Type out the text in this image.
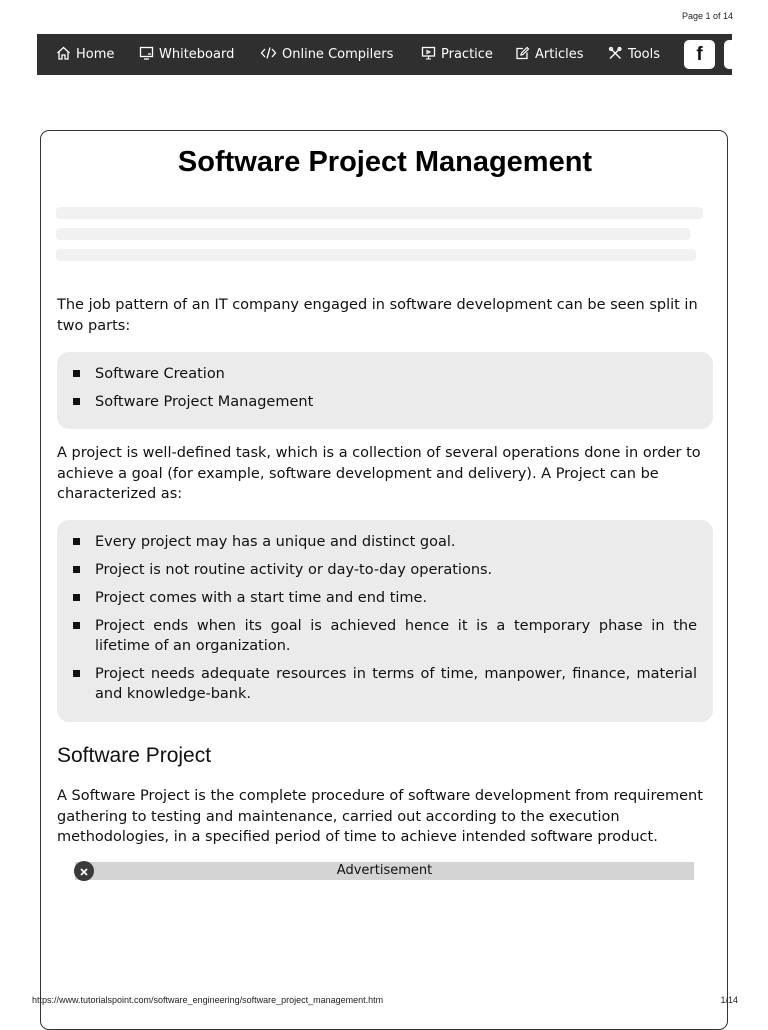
Page 1 of 14
Home	Whiteboard	Online Compilers	Practice	Articles	Tools f
Software Project Management

The job pattern of an IT company engaged in software development can be seen split in two parts:

Software Creation
Software Project Management

A project is well-defined task, which is a collection of several operations done in order to achieve a goal (for example, software development and delivery). A Project can be characterized as:

Every project may has a unique and distinct goal.
Project is not routine activity or day-to-day operations.
Project comes with a start time and end time.
Project ends when its goal is achieved hence it is a temporary phase in the lifetime of an organization.
Project needs adequate resources in terms of time, manpower, finance, material and knowledge-bank.
Software Project

A Software Project is the complete procedure of software development from requirement gathering to testing and maintenance, carried out according to the execution methodologies, in a specified period of time to achieve intended software product.

Advertisement
https://www.tutorialspoint.com/software_engineering/software_project_management.htm	1/14
